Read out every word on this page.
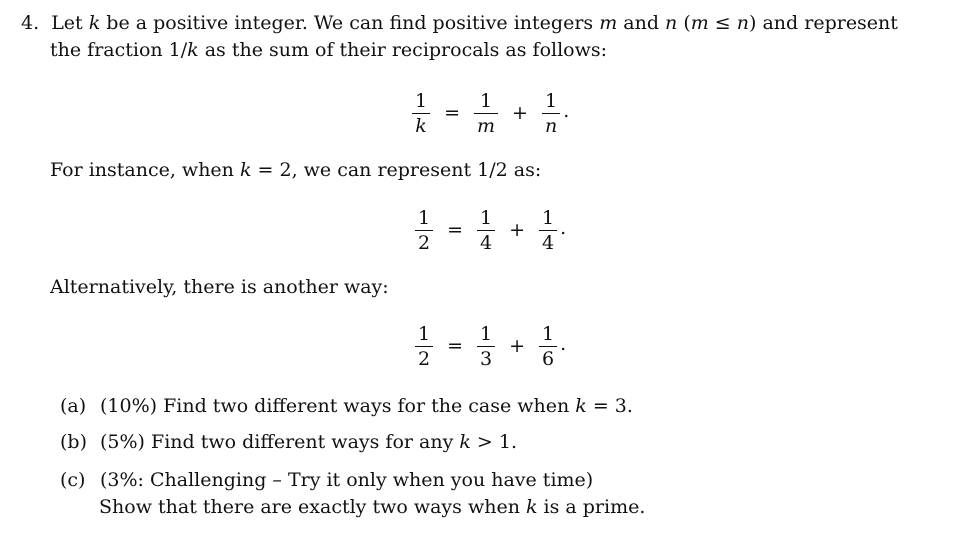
4. Let k be a positive integer. We can find positive integers m and n (m ≤ n) and represent
the fraction 1/k as the sum of their reciprocals as follows:
$\frac{1}{k} = \frac{1}{m} + \frac{1}{n}$ .
For instance, when k = 2, we can represent 1/2 as:
$\frac{1}{2} = \frac{1}{4} + \frac{1}{4}$ .
Alternatively, there is another way:
$\frac{1}{2} = \frac{1}{3} + \frac{1}{6}$ .
(a) (10%) Find two different ways for the case when k = 3.
(b) (5%) Find two different ways for any k > 1.
(c) (3%: Challenging – Try it only when you have time)
Show that there are exactly two ways when k is a prime.
